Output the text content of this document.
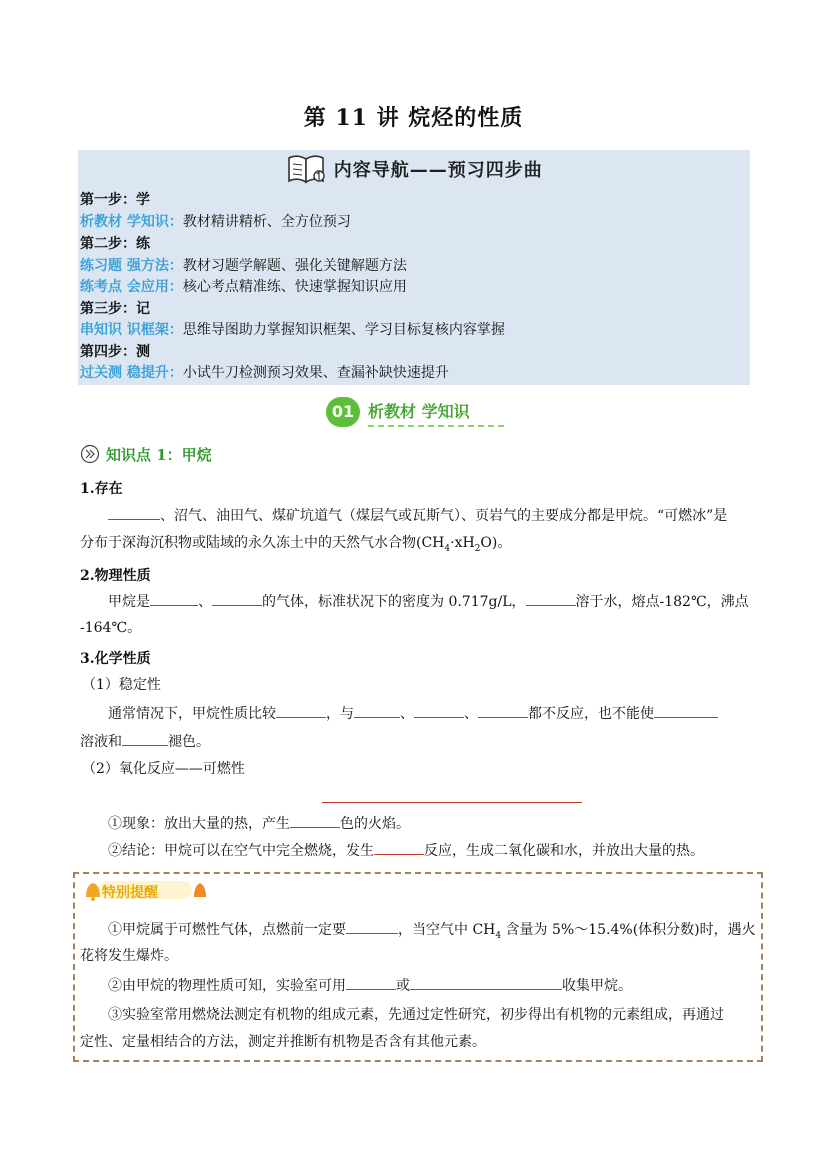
第 11 讲 烷烃的性质
内容导航——预习四步曲
第一步：学
析教材 学知识：教材精讲精析、全方位预习
第二步：练
练习题 强方法：教材习题学解题、强化关键解题方法
练考点 会应用：核心考点精准练、快速掌握知识应用
第三步：记
串知识 识框架：思维导图助力掌握知识框架、学习目标复核内容掌握
第四步：测
过关测 稳提升：小试牛刀检测预习效果、查漏补缺快速提升
01 析教材 学知识
知识点 1：甲烷
1.存在
、沼气、油田气、煤矿坑道气（煤层气或瓦斯气）、页岩气的主要成分都是甲烷。“可燃冰”是
分布于深海沉积物或陆域的永久冻土中的天然气水合物$(CH_4\cdot xH_2O)$。
2.物理性质
甲烷是	、	的气体，标准状况下的密度为 0.717g/L，	溶于水，熔点-182℃，沸点
-164℃。
3.化学性质
（1）稳定性
通常情况下，甲烷性质比较	，与	、	、	都不反应，也不能使
溶液和	褪色。
（2）氧化反应——可燃性
①现象：放出大量的热，产生	色的火焰。
②结论：甲烷可以在空气中完全燃烧，发生	反应，生成二氧化碳和水，并放出大量的热。
特别提醒
①甲烷属于可燃性气体，点燃前一定要	，当空气中 $CH_4$ 含量为 5%～15.4%(体积分数)时，遇火
花将发生爆炸。
②由甲烷的物理性质可知，实验室可用	或	收集甲烷。
③实验室常用燃烧法测定有机物的组成元素，先通过定性研究，初步得出有机物的元素组成，再通过
定性、定量相结合的方法，测定并推断有机物是否含有其他元素。
